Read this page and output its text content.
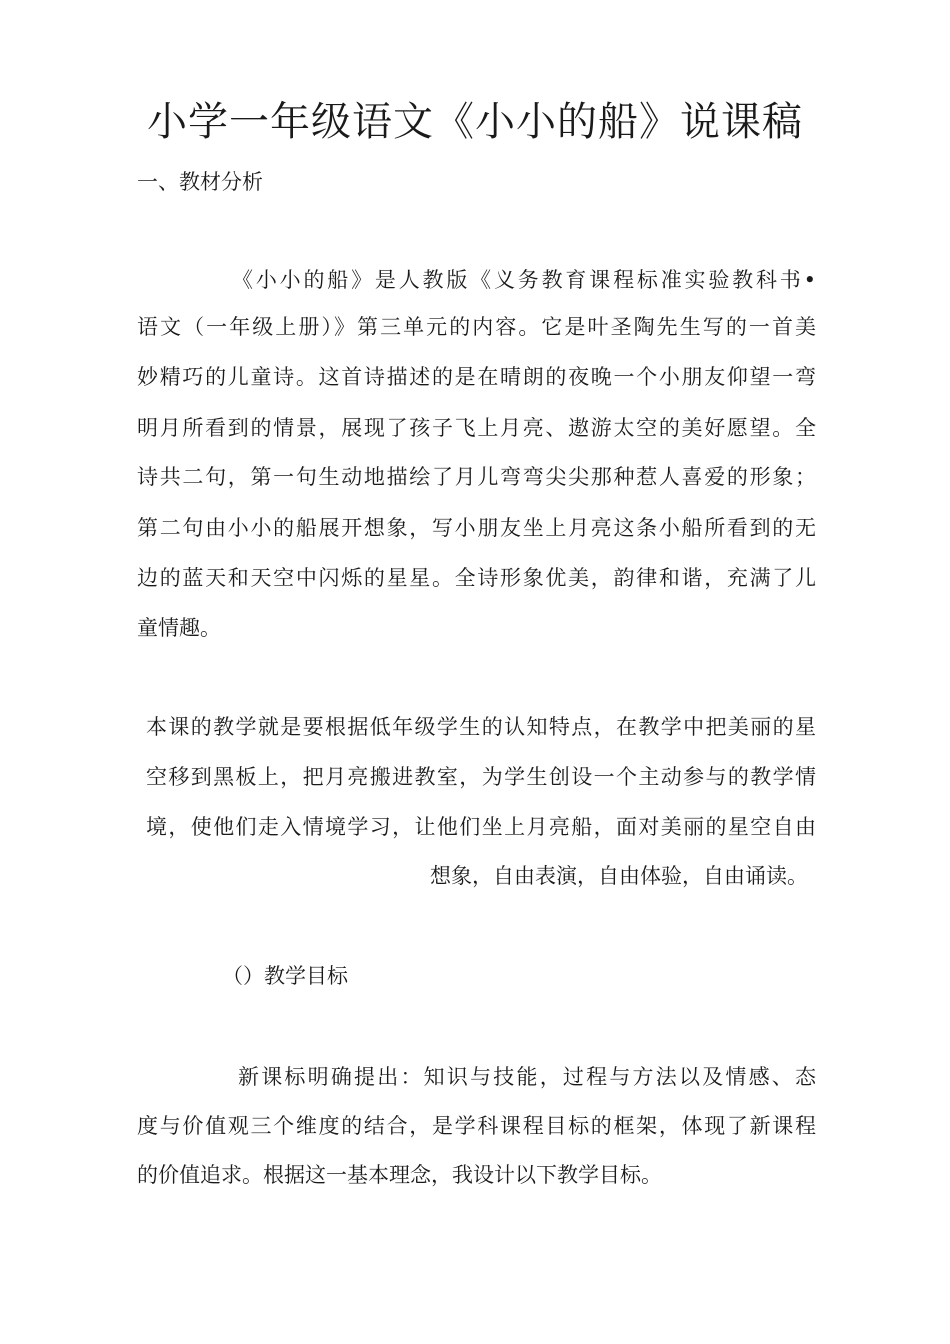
小学一年级语文《小小的船》说课稿
一、教材分析
《小小的船》是人教版《义务教育课程标准实验教科书•
语文（一年级上册）》第三单元的内容。它是叶圣陶先生写的一首美
妙精巧的儿童诗。这首诗描述的是在晴朗的夜晚一个小朋友仰望一弯
明月所看到的情景，展现了孩子飞上月亮、遨游太空的美好愿望。全
诗共二句，第一句生动地描绘了月儿弯弯尖尖那种惹人喜爱的形象；
第二句由小小的船展开想象，写小朋友坐上月亮这条小船所看到的无
边的蓝天和天空中闪烁的星星。全诗形象优美，韵律和谐，充满了儿
童情趣。
本课的教学就是要根据低年级学生的认知特点，在教学中把美丽的星
空移到黑板上，把月亮搬进教室，为学生创设一个主动参与的教学情
境，使他们走入情境学习，让他们坐上月亮船，面对美丽的星空自由
想象，自由表演，自由体验，自由诵读。
（）教学目标
新课标明确提出：知识与技能，过程与方法以及情感、态
度与价值观三个维度的结合，是学科课程目标的框架，体现了新课程
的价值追求。根据这一基本理念，我设计以下教学目标。
